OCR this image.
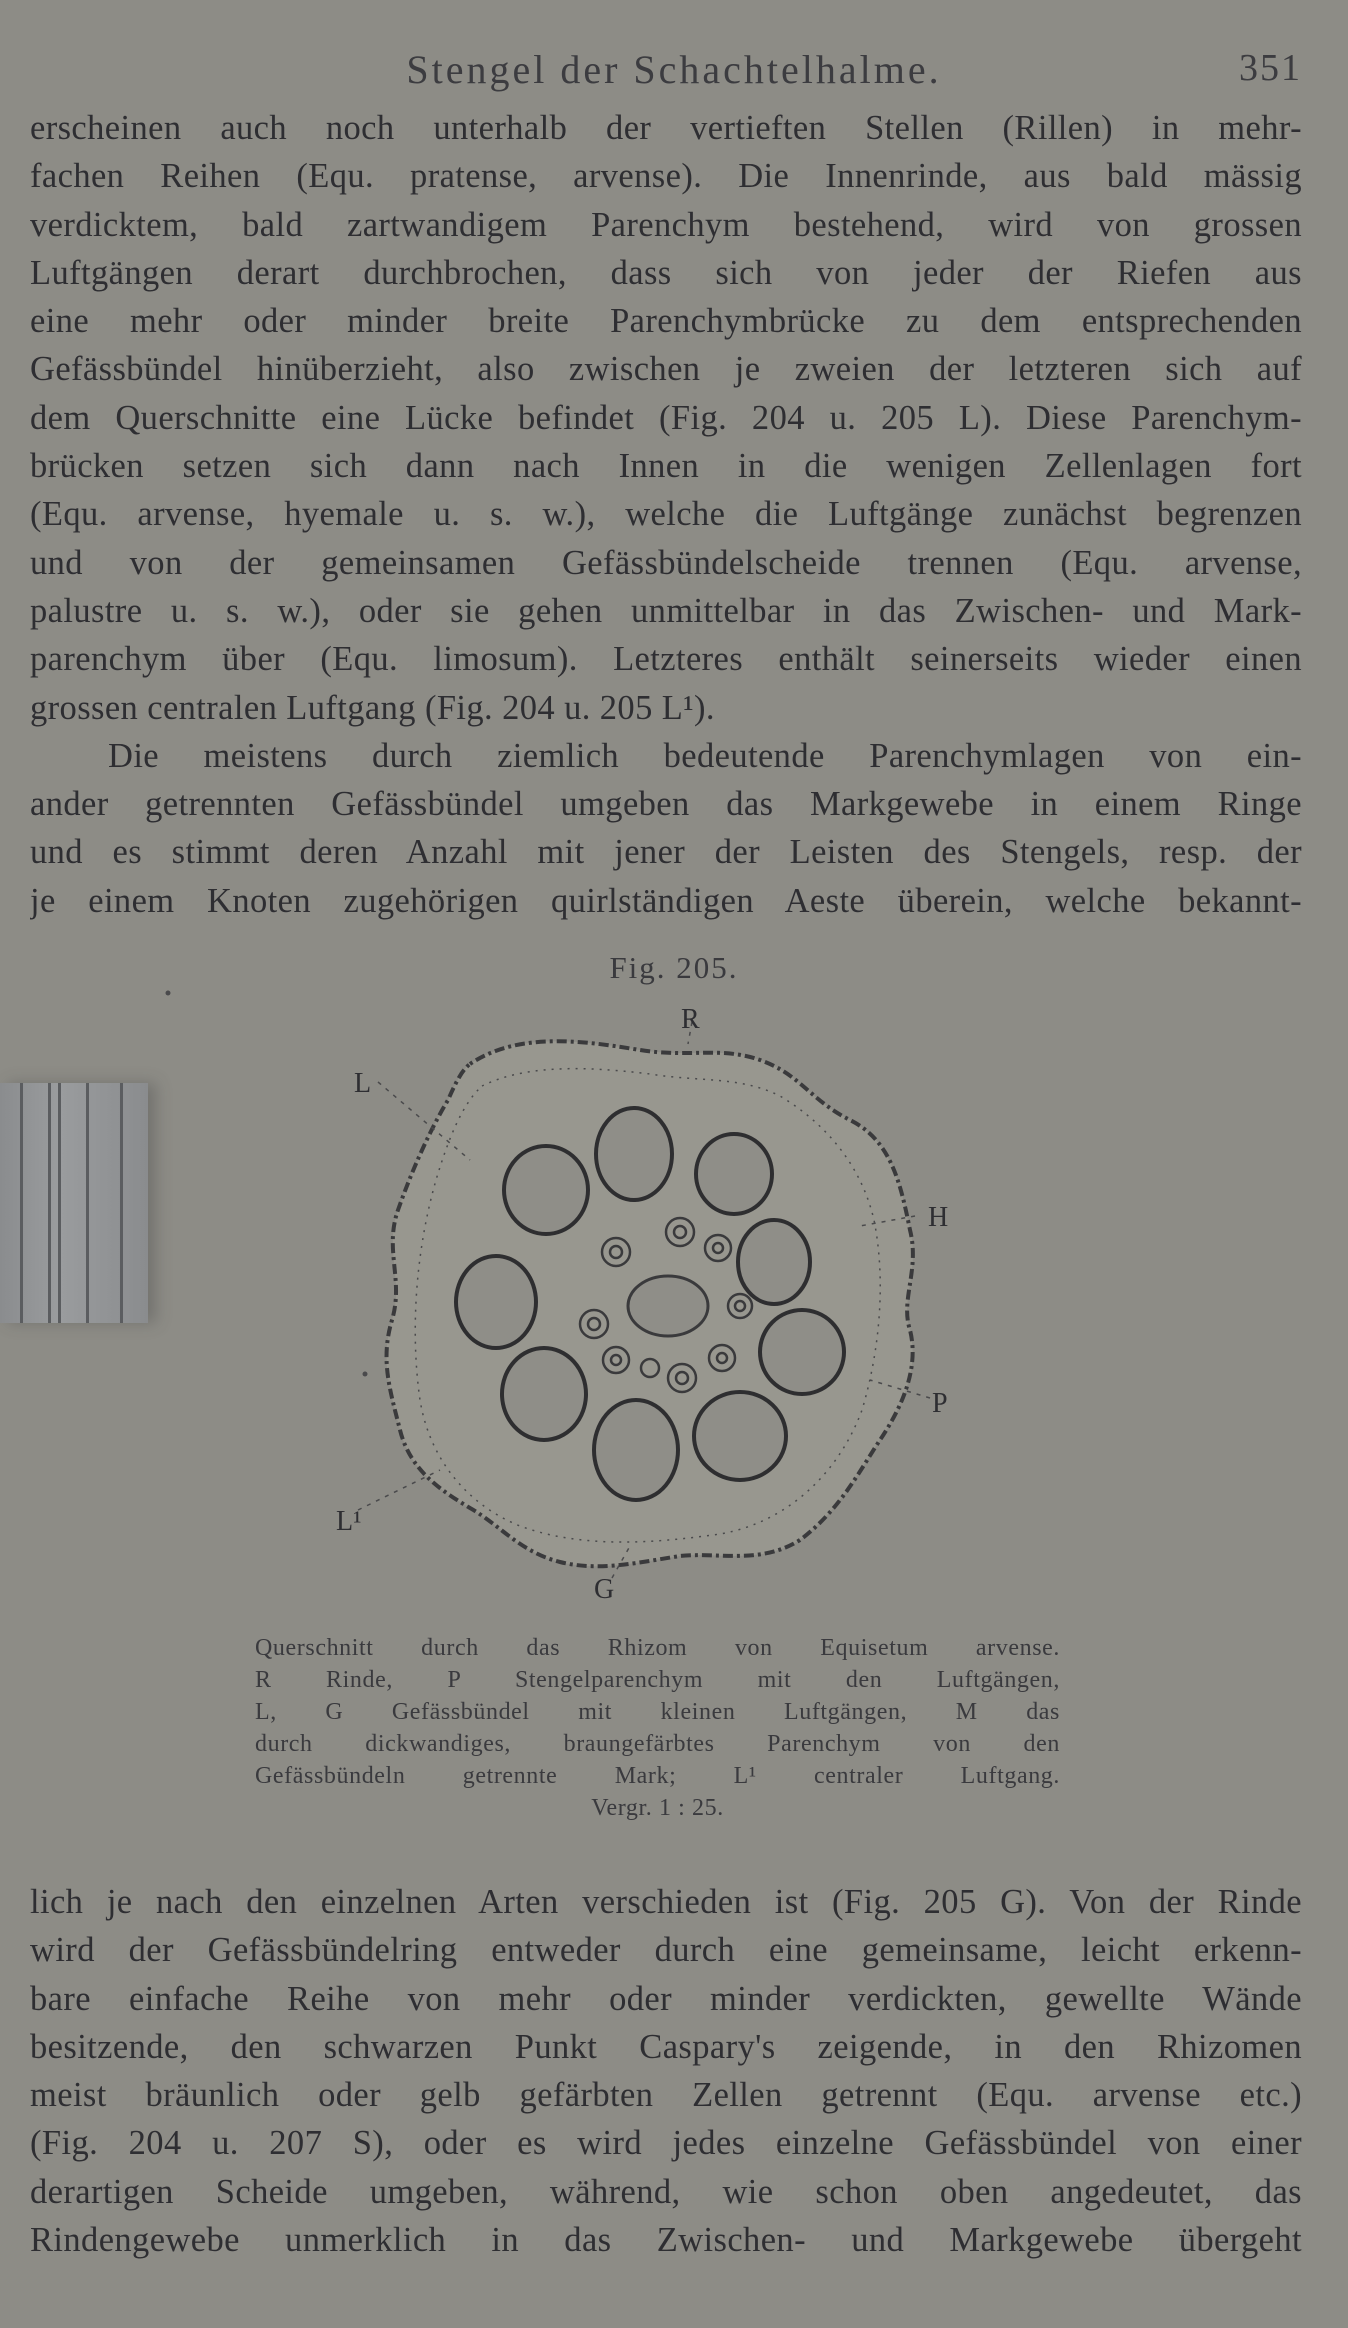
Stengel der Schachtelhalme.	351
erscheinen auch noch unterhalb der vertieften Stellen (Rillen) in mehr-
fachen Reihen (Equ. pratense, arvense). Die Innenrinde, aus bald mässig
verdicktem, bald zartwandigem Parenchym bestehend, wird von grossen
Luftgängen derart durchbrochen, dass sich von jeder der Riefen aus
eine mehr oder minder breite Parenchymbrücke zu dem entsprechenden
Gefässbündel hinüberzieht, also zwischen je zweien der letzteren sich auf
dem Querschnitte eine Lücke befindet (Fig. 204 u. 205 L). Diese Parenchym-
brücken setzen sich dann nach Innen in die wenigen Zellenlagen fort
(Equ. arvense, hyemale u. s. w.), welche die Luftgänge zunächst begrenzen
und von der gemeinsamen Gefässbündelscheide trennen (Equ. arvense,
palustre u. s. w.), oder sie gehen unmittelbar in das Zwischen- und Mark-
parenchym über (Equ. limosum). Letzteres enthält seinerseits wieder einen
grossen centralen Luftgang (Fig. 204 u. 205 L¹).
Die meistens durch ziemlich bedeutende Parenchymlagen von ein-
ander getrennten Gefässbündel umgeben das Markgewebe in einem Ringe
und es stimmt deren Anzahl mit jener der Leisten des Stengels, resp. der
je einem Knoten zugehörigen quirlständigen Aeste überein, welche bekannt-
Fig. 205.
R
L
H
P
L¹
G
Querschnitt durch das Rhizom von Equisetum arvense.
R Rinde, P Stengelparenchym mit den Luftgängen,
L, G Gefässbündel mit kleinen Luftgängen, M das
durch dickwandiges, braungefärbtes Parenchym von den
Gefässbündeln getrennte Mark; L¹ centraler Luftgang.
Vergr. 1 : 25.
lich je nach den einzelnen Arten verschieden ist (Fig. 205 G). Von der Rinde
wird der Gefässbündelring entweder durch eine gemeinsame, leicht erkenn-
bare einfache Reihe von mehr oder minder verdickten, gewellte Wände
besitzende, den schwarzen Punkt Caspary's zeigende, in den Rhizomen
meist bräunlich oder gelb gefärbten Zellen getrennt (Equ. arvense etc.)
(Fig. 204 u. 207 S), oder es wird jedes einzelne Gefässbündel von einer
derartigen Scheide umgeben, während, wie schon oben angedeutet, das
Rindengewebe unmerklich in das Zwischen- und Markgewebe übergeht
